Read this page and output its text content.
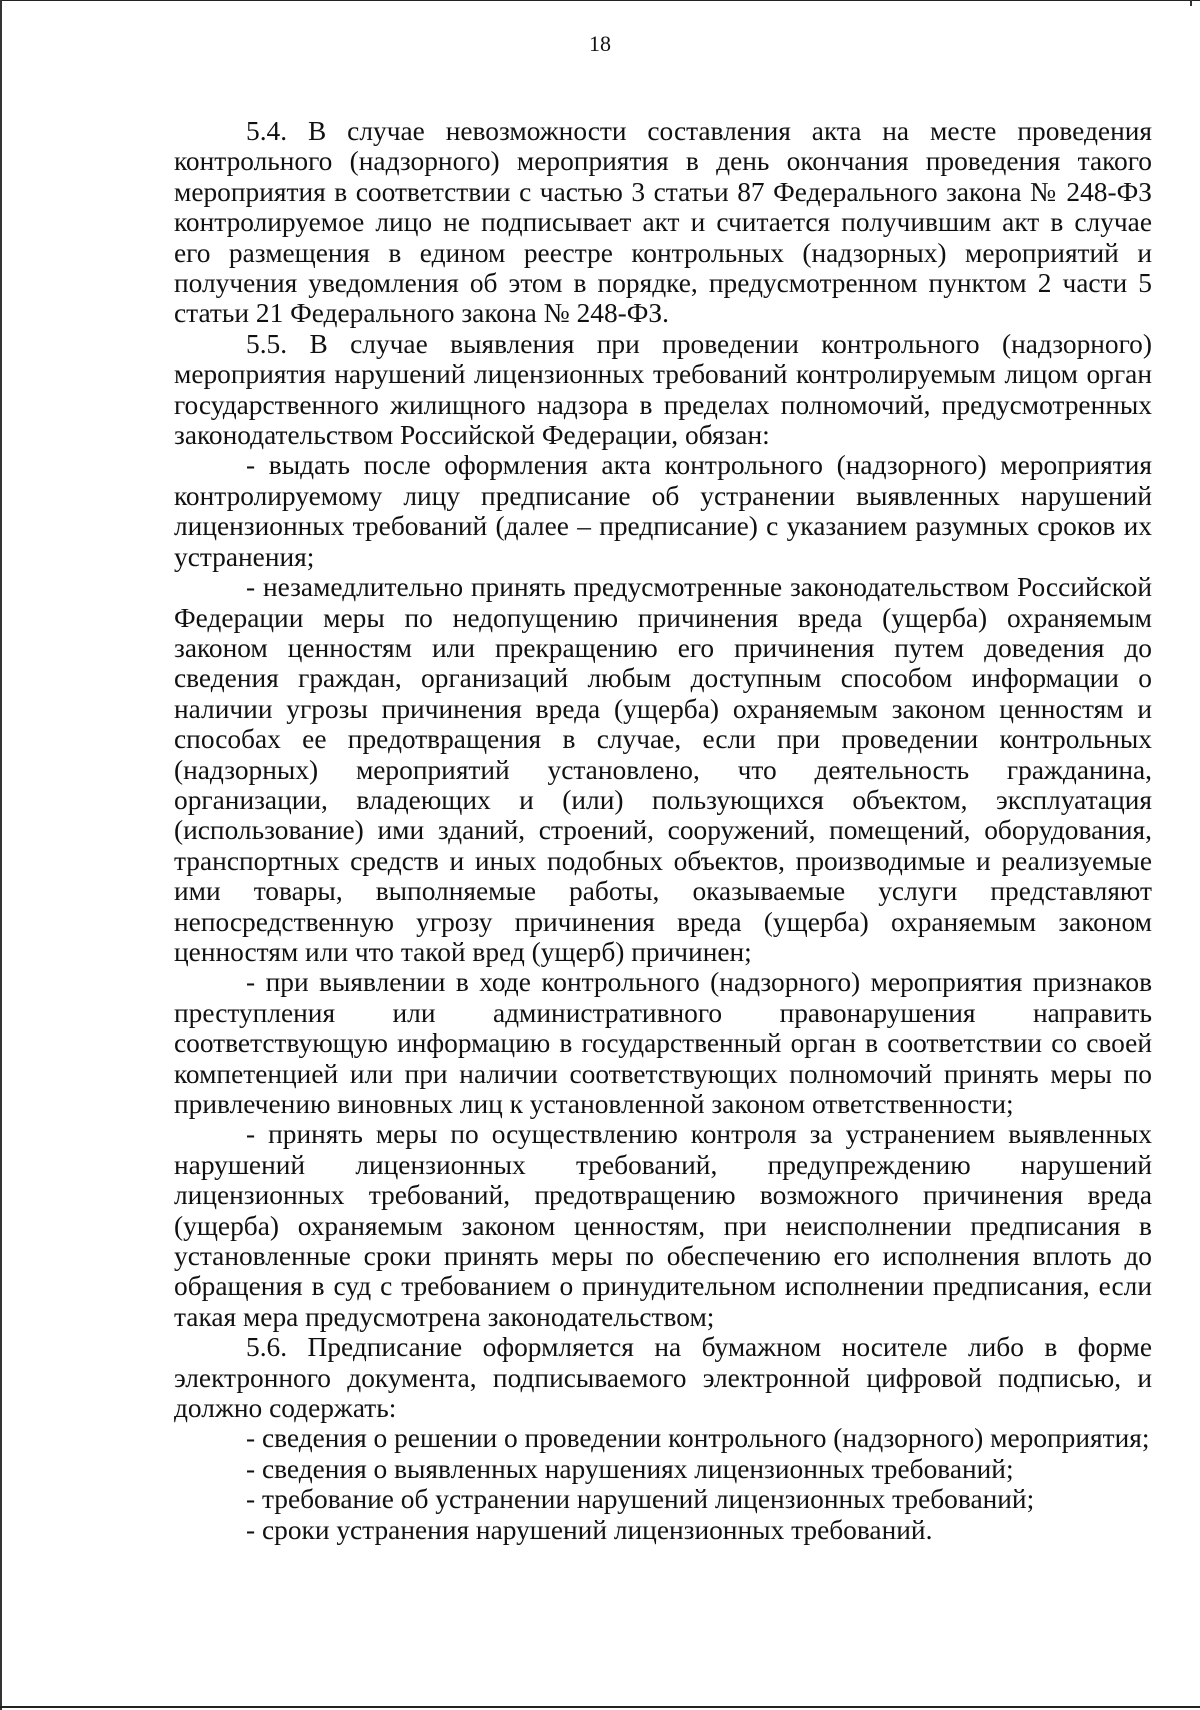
18

5.4. В случае невозможности составления акта на месте проведения контрольного (надзорного) мероприятия в день окончания проведения такого мероприятия в соответствии с частью 3 статьи 87 Федерального закона № 248-ФЗ контролируемое лицо не подписывает акт и считается получившим акт в случае его размещения в едином реестре контрольных (надзорных) мероприятий и получения уведомления об этом в порядке, предусмотренном пунктом 2 части 5 статьи 21 Федерального закона № 248-ФЗ.

5.5. В случае выявления при проведении контрольного (надзорного) мероприятия нарушений лицензионных требований контролируемым лицом орган государственного жилищного надзора в пределах полномочий, предусмотренных законодательством Российской Федерации, обязан:

- выдать после оформления акта контрольного (надзорного) мероприятия контролируемому лицу предписание об устранении выявленных нарушений лицензионных требований (далее – предписание) с указанием разумных сроков их устранения;

- незамедлительно принять предусмотренные законодательством Российской Федерации меры по недопущению причинения вреда (ущерба) охраняемым законом ценностям или прекращению его причинения путем доведения до сведения граждан, организаций любым доступным способом информации о наличии угрозы причинения вреда (ущерба) охраняемым законом ценностям и способах ее предотвращения в случае, если при проведении контрольных (надзорных) мероприятий установлено, что деятельность гражданина, организации, владеющих и (или) пользующихся объектом, эксплуатация (использование) ими зданий, строений, сооружений, помещений, оборудования, транспортных средств и иных подобных объектов, производимые и реализуемые ими товары, выполняемые работы, оказываемые услуги представляют непосредственную угрозу причинения вреда (ущерба) охраняемым законом ценностям или что такой вред (ущерб) причинен;

- при выявлении в ходе контрольного (надзорного) мероприятия признаков преступления или административного правонарушения направить соответствующую информацию в государственный орган в соответствии со своей компетенцией или при наличии соответствующих полномочий принять меры по привлечению виновных лиц к установленной законом ответственности;

- принять меры по осуществлению контроля за устранением выявленных нарушений лицензионных требований, предупреждению нарушений лицензионных требований, предотвращению возможного причинения вреда (ущерба) охраняемым законом ценностям, при неисполнении предписания в установленные сроки принять меры по обеспечению его исполнения вплоть до обращения в суд с требованием о принудительном исполнении предписания, если такая мера предусмотрена законодательством;

5.6. Предписание оформляется на бумажном носителе либо в форме электронного документа, подписываемого электронной цифровой подписью, и должно содержать:

- сведения о решении о проведении контрольного (надзорного) мероприятия;

- сведения о выявленных нарушениях лицензионных требований;

- требование об устранении нарушений лицензионных требований;

- сроки устранения нарушений лицензионных требований.
